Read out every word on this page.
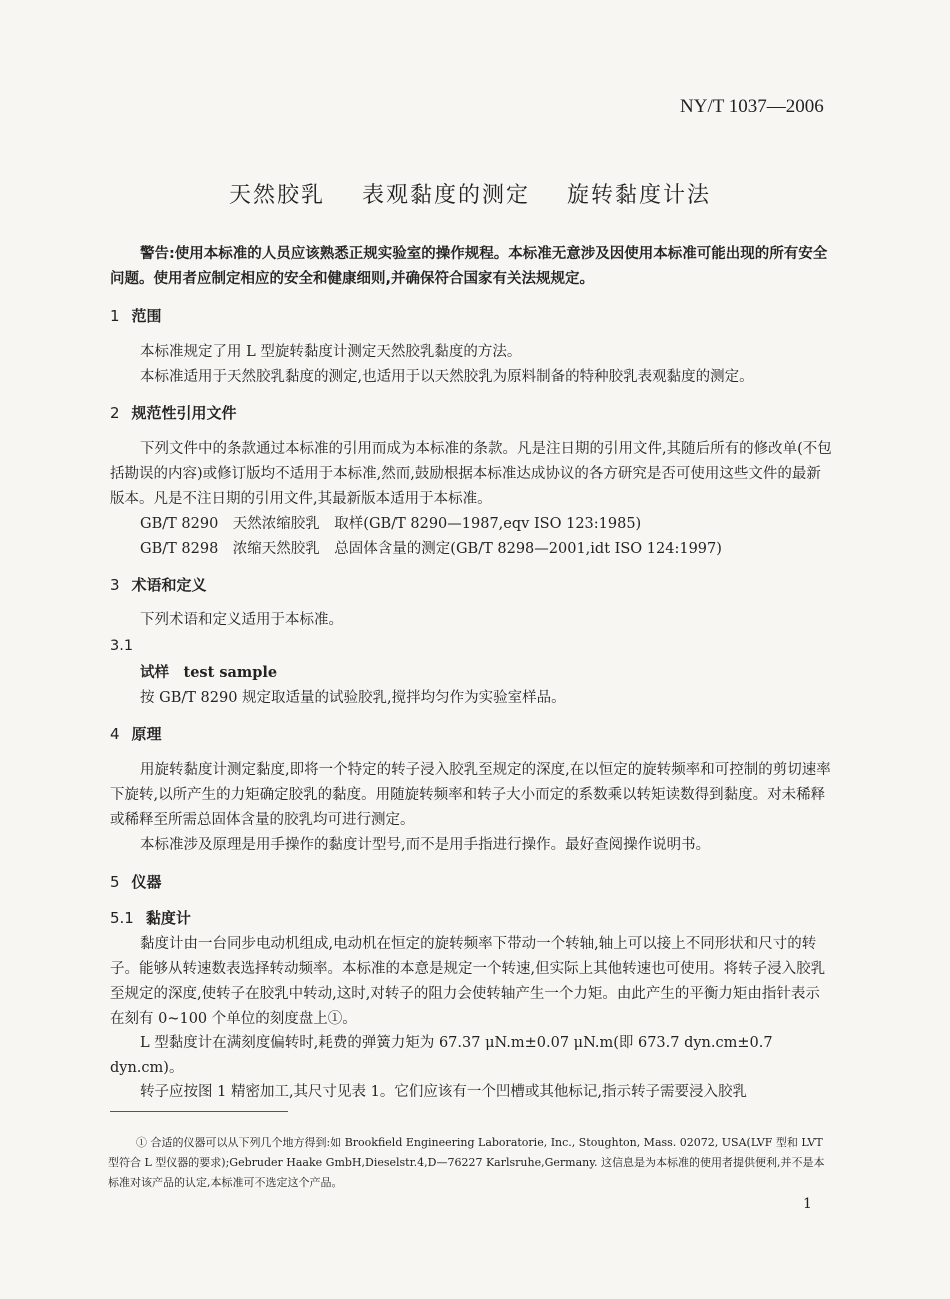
NY/T 1037—2006
天然胶乳 表观黏度的测定 旋转黏度计法
警告:使用本标准的人员应该熟悉正规实验室的操作规程。本标准无意涉及因使用本标准可能出现的所有安全问题。使用者应制定相应的安全和健康细则,并确保符合国家有关法规规定。
1 范围
本标准规定了用 L 型旋转黏度计测定天然胶乳黏度的方法。
本标准适用于天然胶乳黏度的测定,也适用于以天然胶乳为原料制备的特种胶乳表观黏度的测定。
2 规范性引用文件
下列文件中的条款通过本标准的引用而成为本标准的条款。凡是注日期的引用文件,其随后所有的修改单(不包括勘误的内容)或修订版均不适用于本标准,然而,鼓励根据本标准达成协议的各方研究是否可使用这些文件的最新版本。凡是不注日期的引用文件,其最新版本适用于本标准。
GB/T 8290　天然浓缩胶乳　取样(GB/T 8290—1987,eqv ISO 123:1985)
GB/T 8298　浓缩天然胶乳　总固体含量的测定(GB/T 8298—2001,idt ISO 124:1997)
3 术语和定义
下列术语和定义适用于本标准。
3.1
试样　test sample
按 GB/T 8290 规定取适量的试验胶乳,搅拌均匀作为实验室样品。
4 原理
用旋转黏度计测定黏度,即将一个特定的转子浸入胶乳至规定的深度,在以恒定的旋转频率和可控制的剪切速率下旋转,以所产生的力矩确定胶乳的黏度。用随旋转频率和转子大小而定的系数乘以转矩读数得到黏度。对未稀释或稀释至所需总固体含量的胶乳均可进行测定。
本标准涉及原理是用手操作的黏度计型号,而不是用手指进行操作。最好查阅操作说明书。
5 仪器
5.1 黏度计
黏度计由一台同步电动机组成,电动机在恒定的旋转频率下带动一个转轴,轴上可以接上不同形状和尺寸的转子。能够从转速数表选择转动频率。本标准的本意是规定一个转速,但实际上其他转速也可使用。将转子浸入胶乳至规定的深度,使转子在胶乳中转动,这时,对转子的阻力会使转轴产生一个力矩。由此产生的平衡力矩由指针表示在刻有 0~100 个单位的刻度盘上①。
L 型黏度计在满刻度偏转时,耗费的弹簧力矩为 67.37 μN.m±0.07 μN.m(即 673.7 dyn.cm±0.7 dyn.cm)。
转子应按图 1 精密加工,其尺寸见表 1。它们应该有一个凹槽或其他标记,指示转子需要浸入胶乳
① 合适的仪器可以从下列几个地方得到:如 Brookfield Engineering Laboratorie, Inc., Stoughton, Mass. 02072, USA(LVF 型和 LVT 型符合 L 型仪器的要求);Gebruder Haake GmbH,Dieselstr.4,D—76227 Karlsruhe,Germany. 这信息是为本标准的使用者提供便利,并不是本标准对该产品的认定,本标准可不选定这个产品。
1
